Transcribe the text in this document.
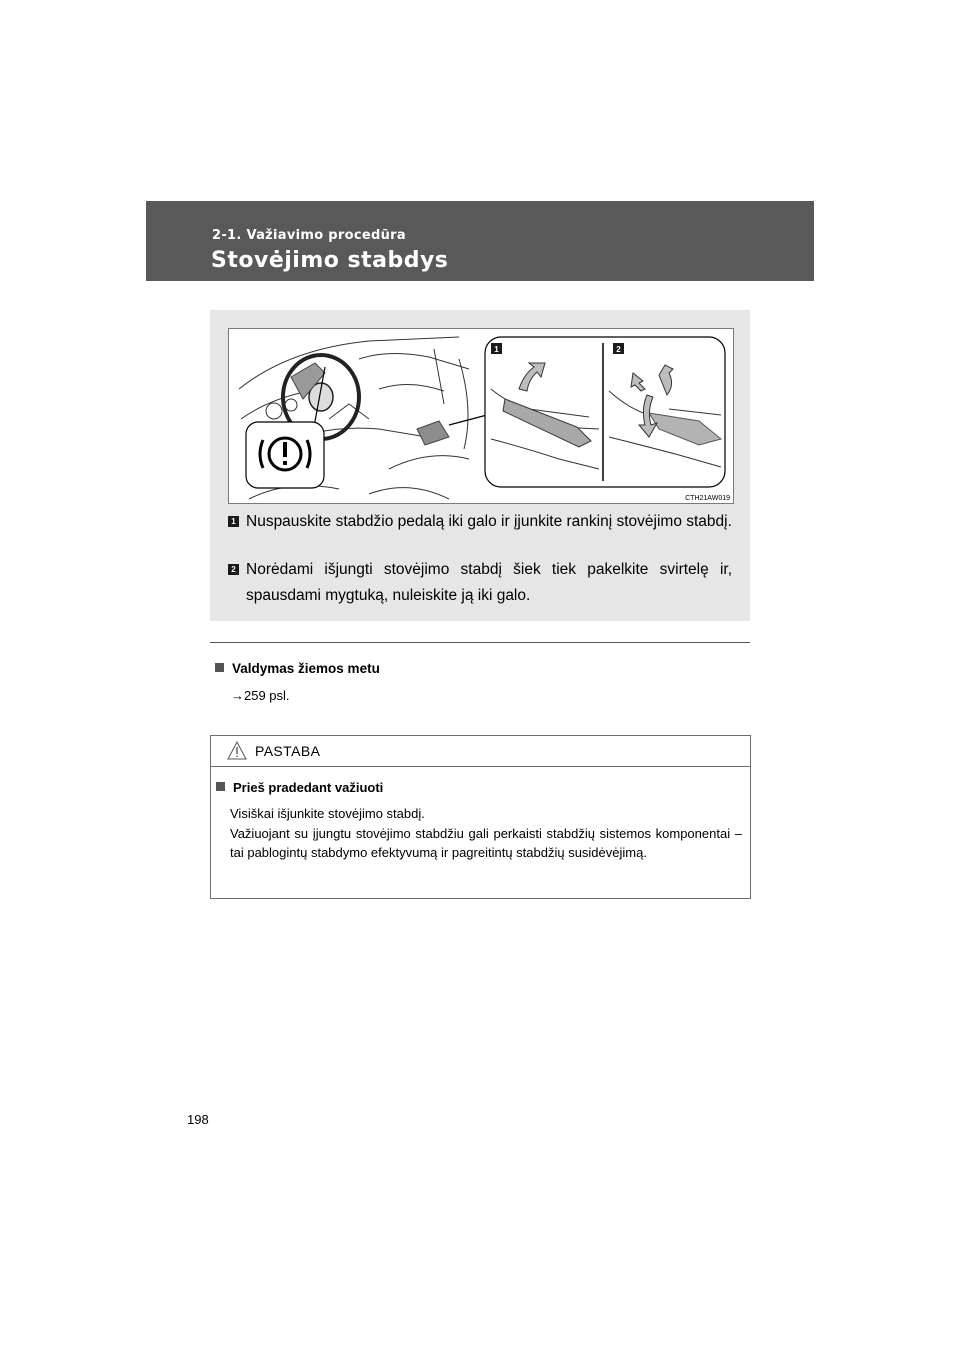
2-1. Važiavimo procedūra
Stovėjimo stabdys
1	2
CTH21AW019
1 Nuspauskite stabdžio pedalą iki galo ir įjunkite rankinį stovėjimo stabdį.
2 Norėdami išjungti stovėjimo stabdį šiek tiek pakelkite svirtelę ir, spausdami mygtuką, nuleiskite ją iki galo.
Valdymas žiemos metu
→259 psl.
PASTABA
Prieš pradedant važiuoti

Visiškai išjunkite stovėjimo stabdį.

Važiuojant su įjungtu stovėjimo stabdžiu gali perkaisti stabdžių sistemos komponentai – tai pablogintų stabdymo efektyvumą ir pagreitintų stabdžių susidėvėjimą.

198
